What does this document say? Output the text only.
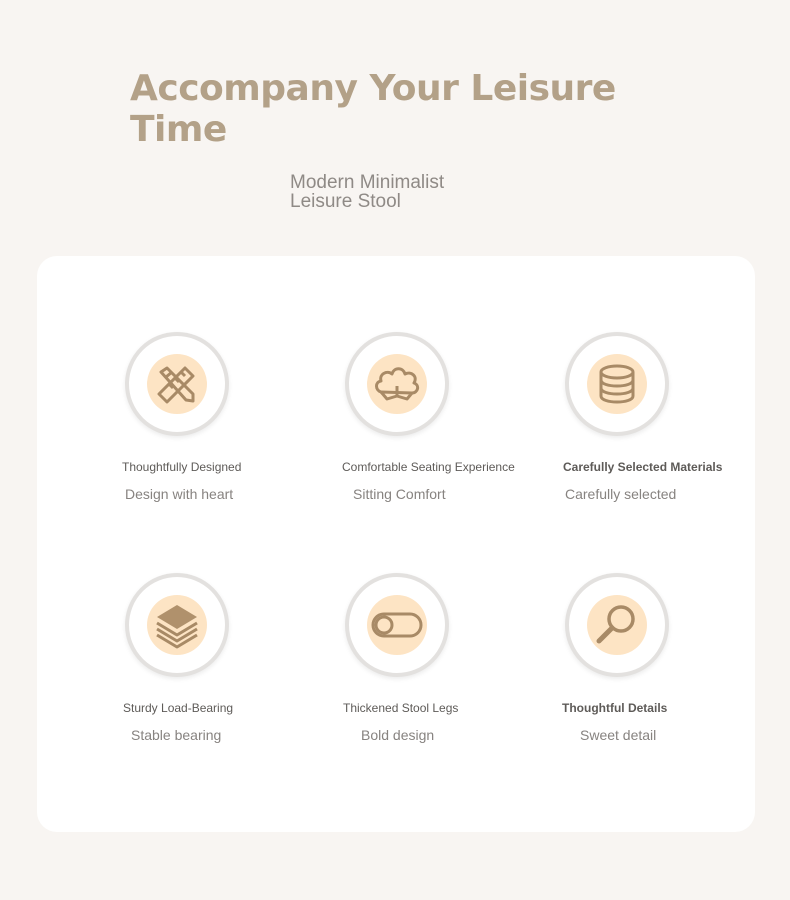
Accompany Your Leisure Time
Modern Minimalist
Leisure Stool
Thoughtfully Designed
Design with heart
Comfortable Seating Experience
Sitting Comfort
Carefully Selected Materials
Carefully selected
Sturdy Load-Bearing
Stable bearing
Thickened Stool Legs
Bold design
Thoughtful Details
Sweet detail
